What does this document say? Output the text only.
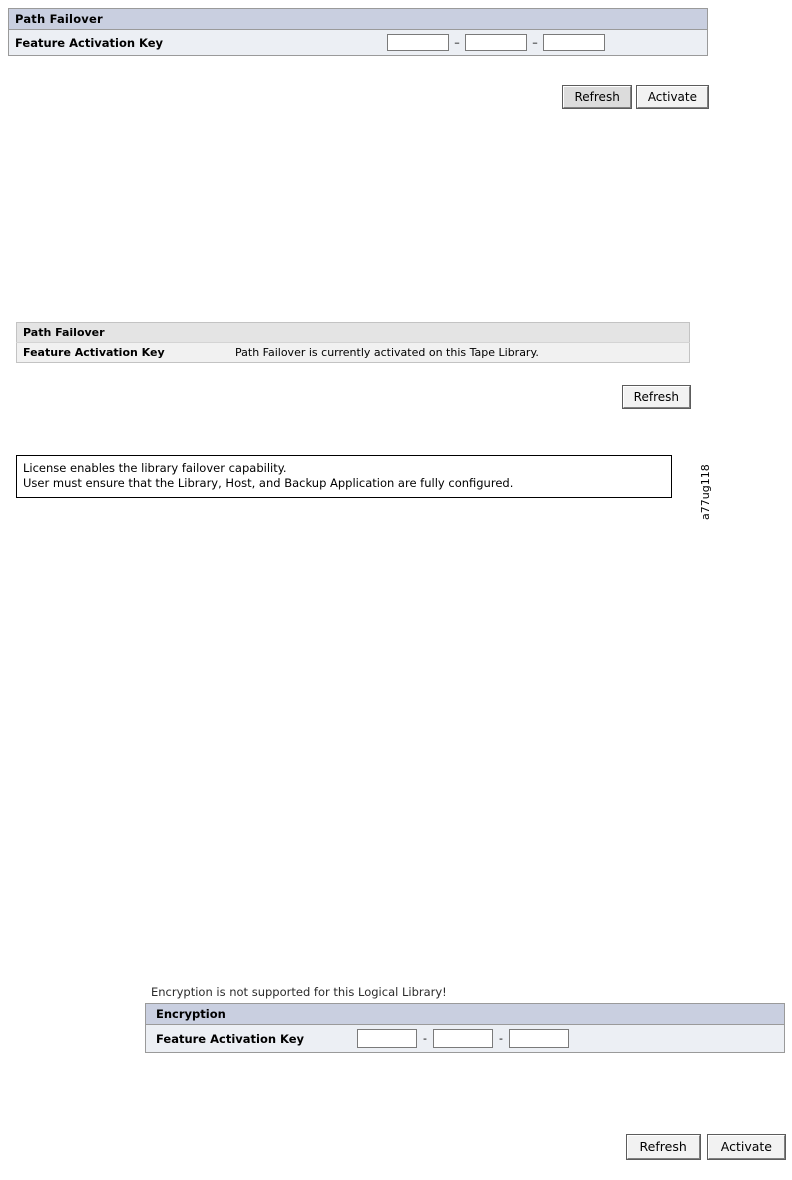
Path Failover
Feature Activation Key	–	–
Refresh Activate
Path Failover
Feature Activation Key	Path Failover is currently activated on this Tape Library.
Refresh
License enables the library failover capability.
User must ensure that the Library, Host, and Backup Application are fully configured.	a77ug118
Encryption is not supported for this Logical Library!
Encryption
Feature Activation Key	-	-
Refresh	Activate
